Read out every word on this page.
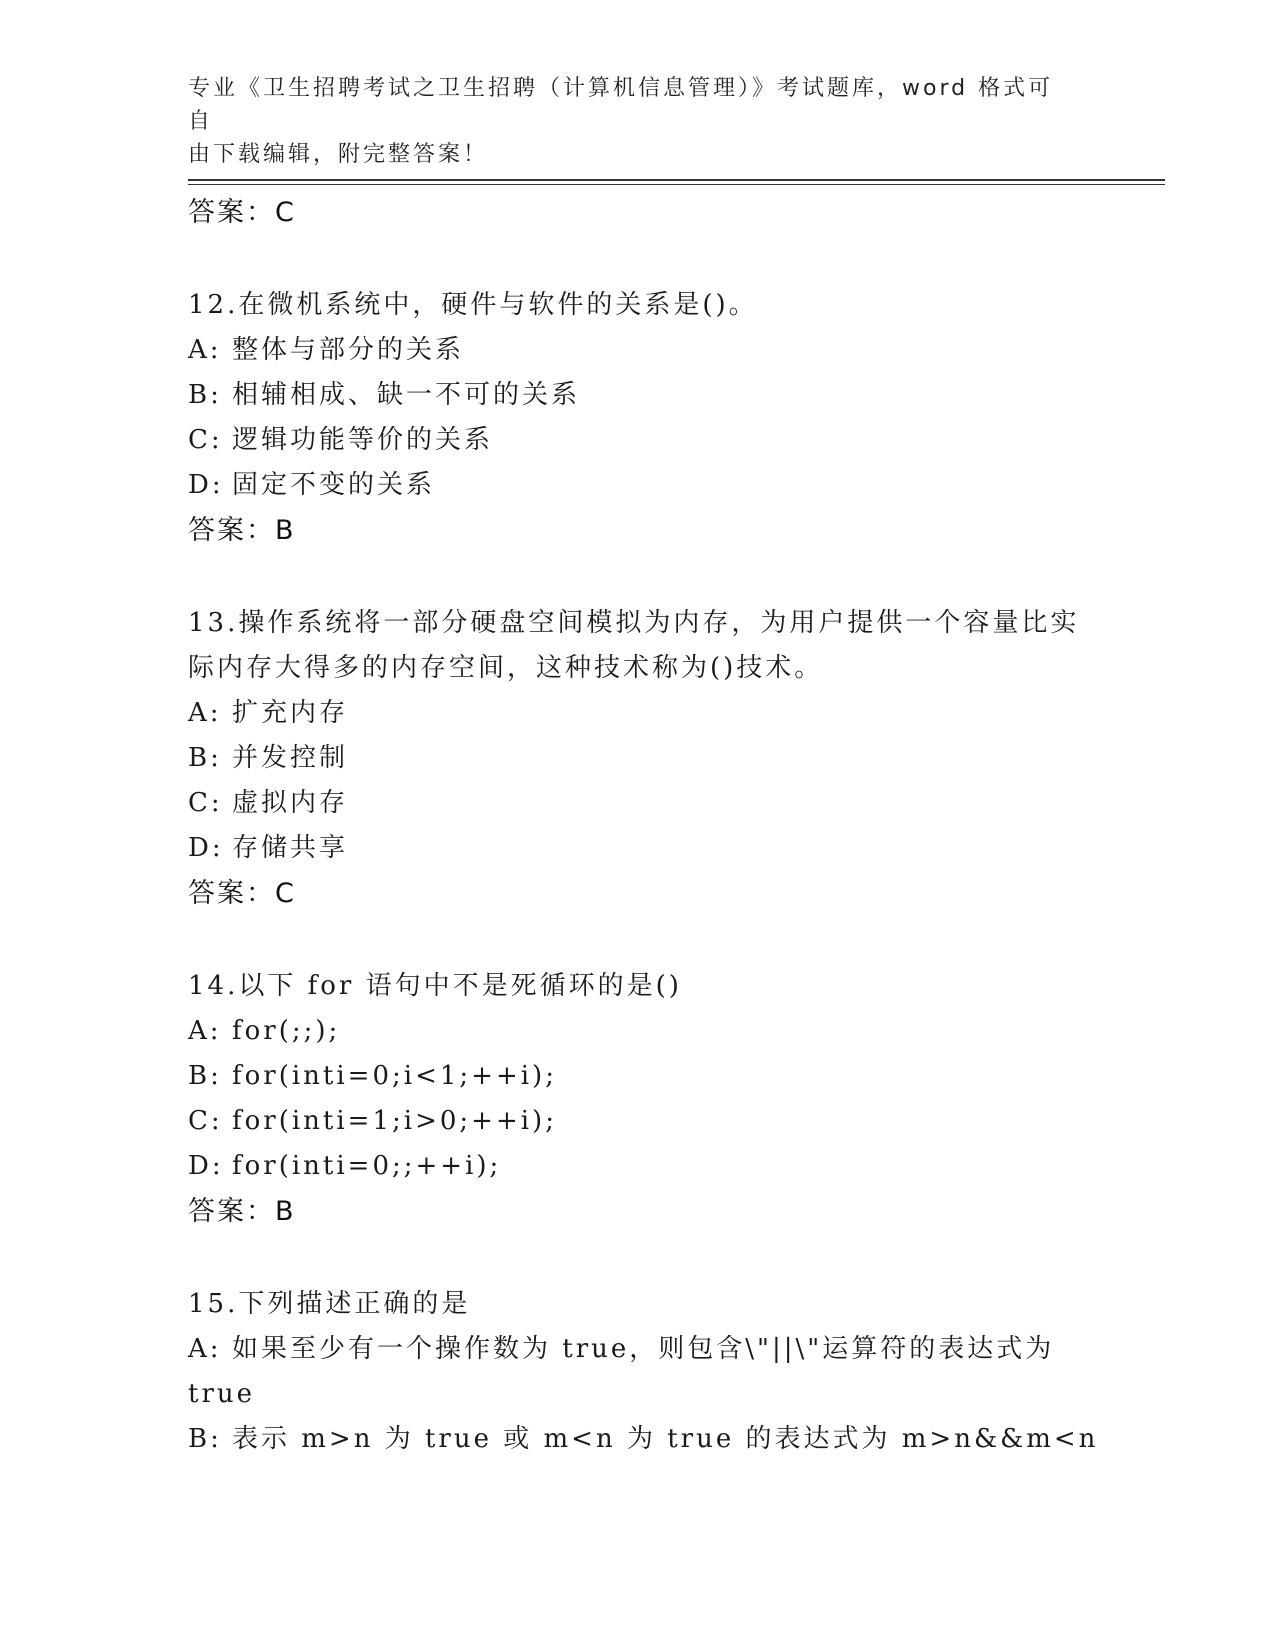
专业《卫生招聘考试之卫生招聘（计算机信息管理）》考试题库，word 格式可自
由下载编辑，附完整答案！
答案：C
12.在微机系统中，硬件与软件的关系是()。
A: 整体与部分的关系
B: 相辅相成、缺一不可的关系
C: 逻辑功能等价的关系
D: 固定不变的关系
答案：B
13.操作系统将一部分硬盘空间模拟为内存，为用户提供一个容量比实
际内存大得多的内存空间，这种技术称为()技术。
A: 扩充内存
B: 并发控制
C: 虚拟内存
D: 存储共享
答案：C
14.以下 for 语句中不是死循环的是()
A: for(;;);
B: for(inti=0;i<1;++i);
C: for(inti=1;i>0;++i);
D: for(inti=0;;++i);
答案：B
15.下列描述正确的是
A: 如果至少有一个操作数为 true，则包含\"||\"运算符的表达式为
true
B: 表示 m>n 为 true 或 m<n 为 true 的表达式为 m>n&&m<n
